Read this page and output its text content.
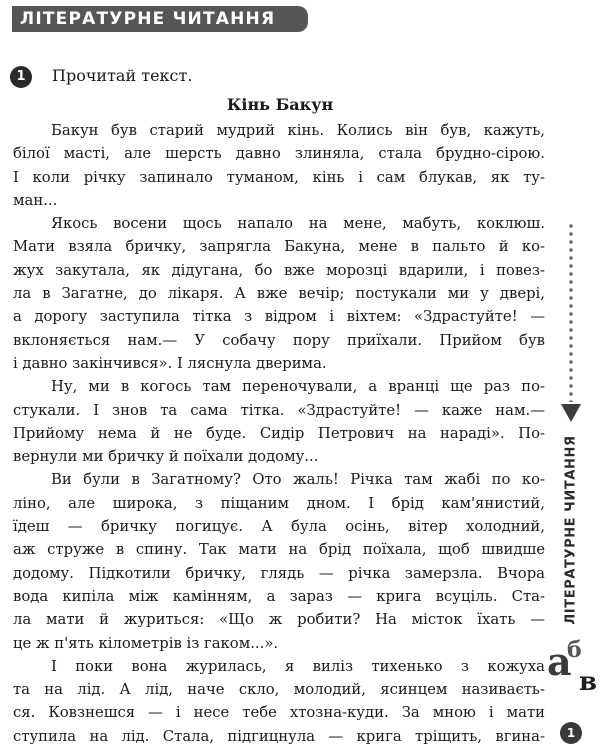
ЛІТЕРАТУРНЕ ЧИТАННЯ
1	Прочитай текст.
Кінь Бакун
Бакун був старий мудрий кінь. Колись він був, кажуть,
білої масті, але шерсть давно злиняла, стала брудно-сірою.
І коли річку запинало туманом, кінь і сам блукав, як ту-
ман...
Якось восени щось напало на мене, мабуть, коклюш.
Мати взяла бричку, запрягла Бакуна, мене в пальто й ко-
жух закутала, як дідугана, бо вже морозці вдарили, і повез-
ла в Загатне, до лікаря. А вже вечір; постукали ми у двері,
а дорогу заступила тітка з відром і віхтем: «Здрастуйте! —
вклоняється нам.— У собачу пору приїхали. Прийом був
і давно закінчився». І ляснула дверима.
Ну, ми в когось там переночували, а вранці ще раз по-
стукали. І знов та сама тітка. «Здрастуйте! — каже нам.—
Прийому нема й не буде. Сидір Петрович на нараді». По-
вернули ми бричку й поїхали додому...
Ви були в Загатному? Ото жаль! Річка там жабі по ко-
ліно, але широка, з піщаним дном. І брід кам'янистий,
їдеш — бричку погицує. А була осінь, вітер холодний,
аж струже в спину. Так мати на брід поїхала, щоб швидше
додому. Підкотили бричку, глядь — річка замерзла. Вчора
вода кипіла між камінням, а зараз — крига всуціль. Ста-
ла мати й журиться: «Що ж робити? На місток їхать —
це ж п'ять кілометрів із гаком...».
І поки вона журилась, я виліз тихенько з кожуха
та на лід. А лід, наче скло, молодий, ясинцем називаєть-
ся. Ковзнешся — і несе тебе хтозна-куди. За мною і мати
ступила на лід. Стала, підгицнула — крига тріщить, вгина-
ЛІТЕРАТУРНЕ ЧИТАННЯ
а
б
в
1
